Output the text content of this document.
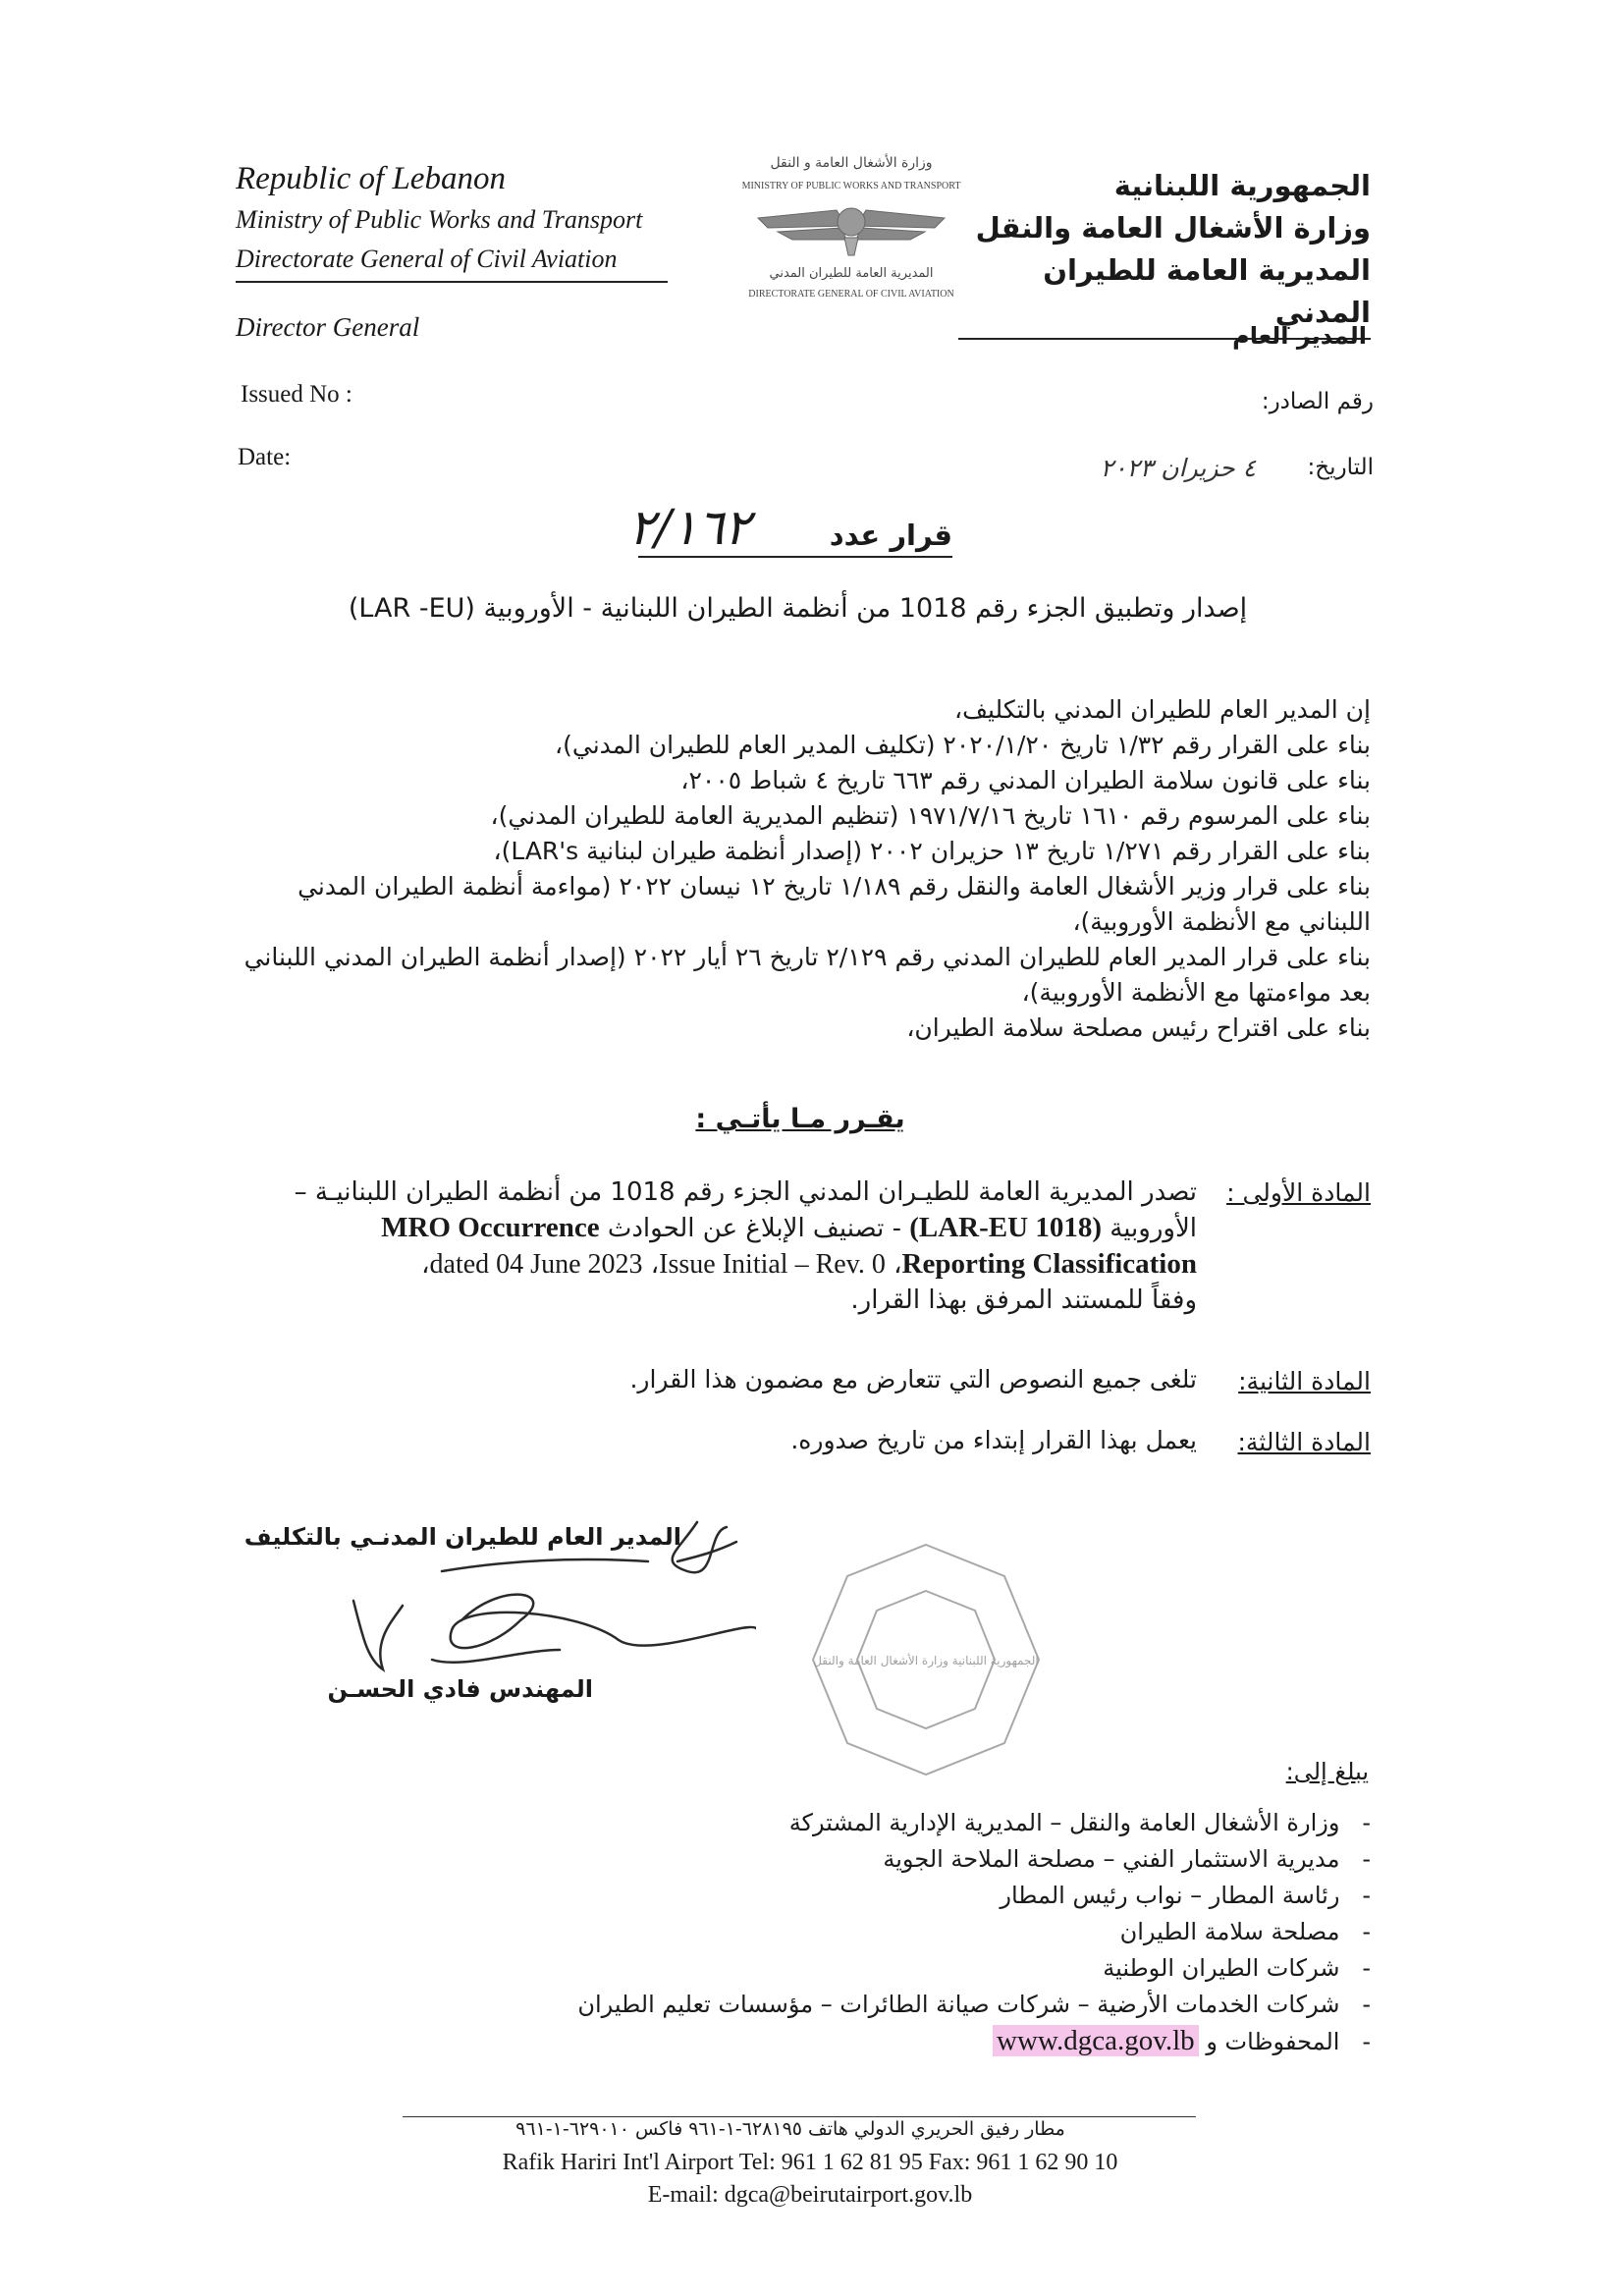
Republic of Lebanon
Ministry of Public Works and Transport
Directorate General of Civil Aviation
Director General
Issued No :
Date:
وزارة الأشغال العامة و النقل
MINISTRY OF PUBLIC WORKS AND TRANSPORT
المديرية العامة للطيران المدني
DIRECTORATE GENERAL OF CIVIL AVIATION
الجمهورية اللبنانية
وزارة الأشغال العامة والنقل
المديرية العامة للطيران المدني
المدير العام
رقم الصادر:
التاريخ:
٤ حزيران ٢٠٢٣
قرار عدد
٢/١٦٢
إصدار وتطبيق الجزء رقم 1018 من أنظمة الطيران اللبنانية - الأوروبية (LAR -EU)

إن المدير العام للطيران المدني بالتكليف،

بناء على القرار رقم ١/٣٢ تاريخ ٢٠٢٠/١/٢٠ (تكليف المدير العام للطيران المدني)،

بناء على قانون سلامة الطيران المدني رقم ٦٦٣ تاريخ ٤ شباط ٢٠٠٥،

بناء على المرسوم رقم ١٦١٠ تاريخ ١٩٧١/٧/١٦ (تنظيم المديرية العامة للطيران المدني)،

بناء على القرار رقم ١/٢٧١ تاريخ ١٣ حزيران ٢٠٠٢ (إصدار أنظمة طيران لبنانية LAR's)،

بناء على قرار وزير الأشغال العامة والنقل رقم ١/١٨٩ تاريخ ١٢ نيسان ٢٠٢٢ (مواءمة أنظمة الطيران المدني اللبناني مع الأنظمة الأوروبية)،

بناء على قرار المدير العام للطيران المدني رقم ٢/١٢٩ تاريخ ٢٦ أيار ٢٠٢٢ (إصدار أنظمة الطيران المدني اللبناني بعد مواءمتها مع الأنظمة الأوروبية)،

بناء على اقتراح رئيس مصلحة سلامة الطيران،

يقـرر مـا يأتـي :
المادة الأولى :
تصدر المديرية العامة للطيـران المدني الجزء رقم 1018 من أنظمة الطيران اللبنانيـة –
الأوروبية (LAR-EU 1018) - تصنيف الإبلاغ عن الحوادث MRO Occurrence
Reporting Classification، Issue Initial – Rev. 0، dated 04 June 2023،
وفقاً للمستند المرفق بهذا القرار.
المادة الثانية:
تلغى جميع النصوص التي تتعارض مع مضمون هذا القرار.
المادة الثالثة:
يعمل بهذا القرار إبتداء من تاريخ صدوره.
المدير العام للطيران المدنـي بالتكليف
المهندس فادي الحسـن
الجمهورية اللبنانية وزارة الأشغال العامة والنقل
يبلغ إلى:
-   وزارة الأشغال العامة والنقل – المديرية الإدارية المشتركة
-   مديرية الاستثمار الفني – مصلحة الملاحة الجوية
-   رئاسة المطار – نواب رئيس المطار
-   مصلحة سلامة الطيران
-   شركات الطيران الوطنية
-   شركات الخدمات الأرضية – شركات صيانة الطائرات – مؤسسات تعليم الطيران
-   المحفوظات و www.dgca.gov.lb
مطار رفيق الحريري الدولي هاتف ٦٢٨١٩٥-١-٩٦١ فاكس ٦٢٩٠١٠-١-٩٦١
Rafik Hariri Int'l Airport Tel: 961 1 62 81 95 Fax: 961 1 62 90 10
E-mail: dgca@beirutairport.gov.lb
